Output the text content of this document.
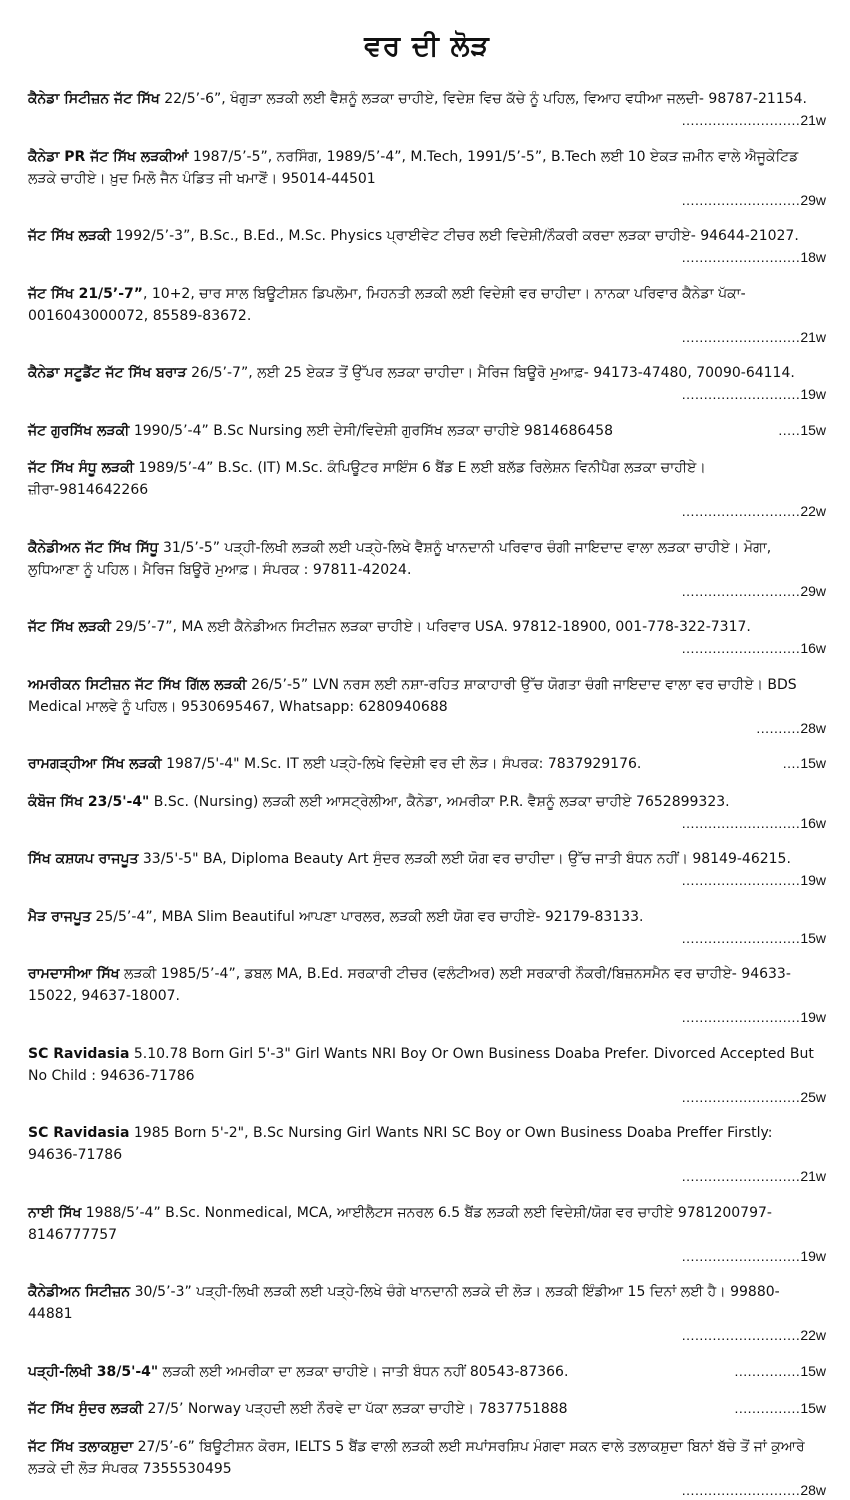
ਵਰ ਦੀ ਲੋੜ
ਕੈਨੇਡਾ ਸਿਟੀਜ਼ਨ ਜੱਟ ਸਿੱਖ 22/5’-6”, ਖੰਗੁੜਾ ਲੜਕੀ ਲਈ ਵੈਸ਼ਨੂੰ ਲੜਕਾ ਚਾਹੀਏ, ਵਿਦੇਸ਼ ਵਿਚ ਕੱਚੇ ਨੂੰ ਪਹਿਲ, ਵਿਆਹ ਵਧੀਆ ਜਲਦੀ- 98787-21154.
...........................21w
ਕੈਨੇਡਾ PR ਜੱਟ ਸਿੱਖ ਲੜਕੀਆਂ 1987/5’-5”, ਨਰਸਿੰਗ, 1989/5’-4”, M.Tech, 1991/5’-5”, B.Tech ਲਈ 10 ਏਕੜ ਜ਼ਮੀਨ ਵਾਲੇ ਐਜੂਕੇਟਿਡ ਲੜਕੇ ਚਾਹੀਏ। ਖ਼ੁਦ ਮਿਲੋ ਜੈਨ ਪੰਡਿਤ ਜੀ ਖਮਾਣੋਂ। 95014-44501
...........................29w
ਜੱਟ ਸਿੱਖ ਲੜਕੀ 1992/5’-3”, B.Sc., B.Ed., M.Sc. Physics ਪ੍ਰਾਈਵੇਟ ਟੀਚਰ ਲਈ ਵਿਦੇਸ਼ੀ/ਨੌਕਰੀ ਕਰਦਾ ਲੜਕਾ ਚਾਹੀਏ- 94644-21027.
...........................18w
ਜੱਟ ਸਿੱਖ 21/5’-7”, 10+2, ਚਾਰ ਸਾਲ ਬਿਊਟੀਸ਼ਨ ਡਿਪਲੋਮਾ, ਮਿਹਨਤੀ ਲੜਕੀ ਲਈ ਵਿਦੇਸ਼ੀ ਵਰ ਚਾਹੀਦਾ। ਨਾਨਕਾ ਪਰਿਵਾਰ ਕੈਨੇਡਾ ਪੱਕਾ- 0016043000072, 85589-83672.
...........................21w
ਕੈਨੇਡਾ ਸਟੂਡੈਂਟ ਜੱਟ ਸਿੱਖ ਬਰਾੜ 26/5’-7”, ਲਈ 25 ਏਕੜ ਤੋਂ ਉੱਪਰ ਲੜਕਾ ਚਾਹੀਦਾ। ਮੈਰਿਜ ਬਿਊਰੋ ਮੁਆਫ਼- 94173-47480, 70090-64114.
...........................19w
.....15w
ਜੱਟ ਗੁਰਸਿੱਖ ਲੜਕੀ 1990/5’-4” B.Sc Nursing ਲਈ ਦੇਸੀ/ਵਿਦੇਸ਼ੀ ਗੁਰਸਿੱਖ ਲੜਕਾ ਚਾਹੀਏ 9814686458
ਜੱਟ ਸਿੱਖ ਸੰਧੂ ਲੜਕੀ 1989/5’-4” B.Sc. (IT) M.Sc. ਕੰਪਿਊਟਰ ਸਾਇੰਸ 6 ਬੈਂਡ E ਲਈ ਬਲੱਡ ਰਿਲੇਸ਼ਨ ਵਿਨੀਪੈਗ ਲੜਕਾ ਚਾਹੀਏ। ਜ਼ੀਰਾ-9814642266
...........................22w
ਕੈਨੇਡੀਅਨ ਜੱਟ ਸਿੱਖ ਸਿੱਧੂ 31/5’-5” ਪੜ੍ਹੀ-ਲਿਖੀ ਲੜਕੀ ਲਈ ਪੜ੍ਹੇ-ਲਿਖੇ ਵੈਸ਼ਨੂੰ ਖਾਨਦਾਨੀ ਪਰਿਵਾਰ ਚੰਗੀ ਜਾਇਦਾਦ ਵਾਲਾ ਲੜਕਾ ਚਾਹੀਏ। ਮੋਗਾ, ਲੁਧਿਆਣਾ ਨੂੰ ਪਹਿਲ। ਮੈਰਿਜ ਬਿਊਰੋ ਮੁਆਫ਼। ਸੰਪਰਕ : 97811-42024.
...........................29w
ਜੱਟ ਸਿੱਖ ਲੜਕੀ 29/5’-7”, MA ਲਈ ਕੈਨੇਡੀਅਨ ਸਿਟੀਜ਼ਨ ਲੜਕਾ ਚਾਹੀਏ। ਪਰਿਵਾਰ USA. 97812-18900, 001-778-322-7317.
...........................16w
ਅਮਰੀਕਨ ਸਿਟੀਜ਼ਨ ਜੱਟ ਸਿੱਖ ਗਿੱਲ ਲੜਕੀ 26/5’-5” LVN ਨਰਸ ਲਈ ਨਸ਼ਾ-ਰਹਿਤ ਸ਼ਾਕਾਹਾਰੀ ਉੱਚ ਯੋਗਤਾ ਚੰਗੀ ਜਾਇਦਾਦ ਵਾਲਾ ਵਰ ਚਾਹੀਏ। BDS Medical ਮਾਲਵੇ ਨੂੰ ਪਹਿਲ। 9530695467, Whatsapp: 6280940688
..........28w
....15w
ਰਾਮਗੜ੍ਹੀਆ ਸਿੱਖ ਲੜਕੀ 1987/5'-4" M.Sc. IT ਲਈ ਪੜ੍ਹੇ-ਲਿਖੇ ਵਿਦੇਸ਼ੀ ਵਰ ਦੀ ਲੋੜ। ਸੰਪਰਕ: 7837929176.
ਕੰਬੋਜ ਸਿੱਖ 23/5'-4" B.Sc. (Nursing) ਲੜਕੀ ਲਈ ਆਸਟ੍ਰੇਲੀਆ, ਕੈਨੇਡਾ, ਅਮਰੀਕਾ P.R. ਵੈਸ਼ਨੂੰ ਲੜਕਾ ਚਾਹੀਏ 7652899323.
...........................16w
ਸਿੱਖ ਕਸ਼ਯਪ ਰਾਜਪੂਤ 33/5'-5" BA, Diploma Beauty Art ਸੁੰਦਰ ਲੜਕੀ ਲਈ ਯੋਗ ਵਰ ਚਾਹੀਦਾ। ਉੱਚ ਜਾਤੀ ਬੰਧਨ ਨਹੀਂ। 98149-46215.
...........................19w
ਮੈੜ ਰਾਜਪੂਤ 25/5’-4”, MBA Slim Beautiful ਆਪਣਾ ਪਾਰਲਰ, ਲੜਕੀ ਲਈ ਯੋਗ ਵਰ ਚਾਹੀਏ- 92179-83133.
...........................15w
ਰਾਮਦਾਸੀਆ ਸਿੱਖ ਲੜਕੀ 1985/5’-4”, ਡਬਲ MA, B.Ed. ਸਰਕਾਰੀ ਟੀਚਰ (ਵਲੰਟੀਅਰ) ਲਈ ਸਰਕਾਰੀ ਨੌਕਰੀ/ਬਿਜ਼ਨਸਮੈਨ ਵਰ ਚਾਹੀਏ- 94633-15022, 94637-18007.
...........................19w
SC Ravidasia 5.10.78 Born Girl 5'-3" Girl Wants NRI Boy Or Own Business Doaba Prefer. Divorced Accepted But No Child : 94636-71786
...........................25w
SC Ravidasia 1985 Born 5'-2", B.Sc Nursing Girl Wants NRI SC Boy or Own Business Doaba Preffer Firstly: 94636-71786
...........................21w
ਨਾਈ ਸਿੱਖ 1988/5’-4” B.Sc. Nonmedical, MCA, ਆਈਲੈਟਸ ਜਨਰਲ 6.5 ਬੈਂਡ ਲੜਕੀ ਲਈ ਵਿਦੇਸ਼ੀ/ਯੋਗ ਵਰ ਚਾਹੀਏ 9781200797-8146777757
...........................19w
ਕੈਨੇਡੀਅਨ ਸਿਟੀਜ਼ਨ 30/5’-3” ਪੜ੍ਹੀ-ਲਿਖੀ ਲੜਕੀ ਲਈ ਪੜ੍ਹੇ-ਲਿਖੇ ਚੰਗੇ ਖਾਨਦਾਨੀ ਲੜਕੇ ਦੀ ਲੋੜ। ਲੜਕੀ ਇੰਡੀਆ 15 ਦਿਨਾਂ ਲਈ ਹੈ। 99880-44881
...........................22w
...............15w
ਪੜ੍ਹੀ-ਲਿਖੀ 38/5'-4" ਲੜਕੀ ਲਈ ਅਮਰੀਕਾ ਦਾ ਲੜਕਾ ਚਾਹੀਏ। ਜਾਤੀ ਬੰਧਨ ਨਹੀਂ 80543-87366.
...............15w
ਜੱਟ ਸਿੱਖ ਸੁੰਦਰ ਲੜਕੀ 27/5’ Norway ਪੜ੍ਹਦੀ ਲਈ ਨੌਰਵੇ ਦਾ ਪੱਕਾ ਲੜਕਾ ਚਾਹੀਏ। 7837751888
ਜੱਟ ਸਿੱਖ ਤਲਾਕਸ਼ੁਦਾ 27/5’-6” ਬਿਊਟੀਸ਼ਨ ਕੋਰਸ, IELTS 5 ਬੈਂਡ ਵਾਲੀ ਲੜਕੀ ਲਈ ਸਪਾਂਸਰਸ਼ਿਪ ਮੰਗਵਾ ਸਕਨ ਵਾਲੇ ਤਲਾਕਸ਼ੁਦਾ ਬਿਨਾਂ ਬੱਚੇ ਤੋਂ ਜਾਂ ਕੁਆਰੇ ਲੜਕੇ ਦੀ ਲੋੜ ਸੰਪਰਕ 7355530495
...........................28w
